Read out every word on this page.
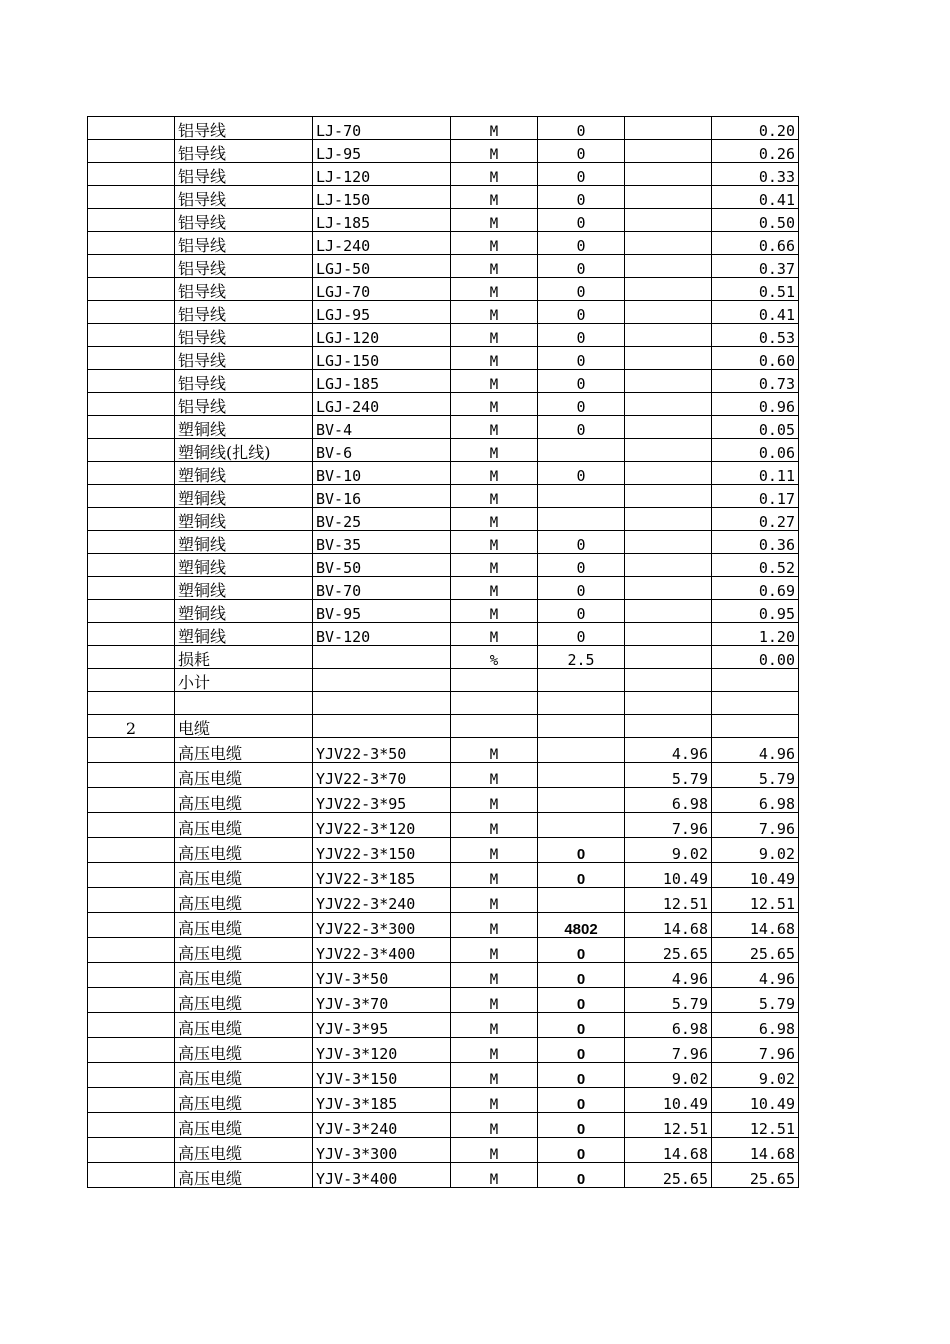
	铝导线	LJ-70	M	0		0.20
	铝导线	LJ-95	M	0		0.26
	铝导线	LJ-120	M	0		0.33
	铝导线	LJ-150	M	0		0.41
	铝导线	LJ-185	M	0		0.50
	铝导线	LJ-240	M	0		0.66
	铝导线	LGJ-50	M	0		0.37
	铝导线	LGJ-70	M	0		0.51
	铝导线	LGJ-95	M	0		0.41
	铝导线	LGJ-120	M	0		0.53
	铝导线	LGJ-150	M	0		0.60
	铝导线	LGJ-185	M	0		0.73
	铝导线	LGJ-240	M	0		0.96
	塑铜线	BV-4	M	0		0.05
	塑铜线(扎线)	BV-6	M			0.06
	塑铜线	BV-10	M	0		0.11
	塑铜线	BV-16	M			0.17
	塑铜线	BV-25	M			0.27
	塑铜线	BV-35	M	0		0.36
	塑铜线	BV-50	M	0		0.52
	塑铜线	BV-70	M	0		0.69
	塑铜线	BV-95	M	0		0.95
	塑铜线	BV-120	M	0		1.20
	损耗		%	2.5		0.00
	小计					

2	电缆					
	高压电缆	YJV22-3*50	M		4.96	4.96
	高压电缆	YJV22-3*70	M		5.79	5.79
	高压电缆	YJV22-3*95	M		6.98	6.98
	高压电缆	YJV22-3*120	M		7.96	7.96
	高压电缆	YJV22-3*150	M	0	9.02	9.02
	高压电缆	YJV22-3*185	M	0	10.49	10.49
	高压电缆	YJV22-3*240	M		12.51	12.51
	高压电缆	YJV22-3*300	M	4802	14.68	14.68
	高压电缆	YJV22-3*400	M	0	25.65	25.65
	高压电缆	YJV-3*50	M	0	4.96	4.96
	高压电缆	YJV-3*70	M	0	5.79	5.79
	高压电缆	YJV-3*95	M	0	6.98	6.98
	高压电缆	YJV-3*120	M	0	7.96	7.96
	高压电缆	YJV-3*150	M	0	9.02	9.02
	高压电缆	YJV-3*185	M	0	10.49	10.49
	高压电缆	YJV-3*240	M	0	12.51	12.51
	高压电缆	YJV-3*300	M	0	14.68	14.68
	高压电缆	YJV-3*400	M	0	25.65	25.65
